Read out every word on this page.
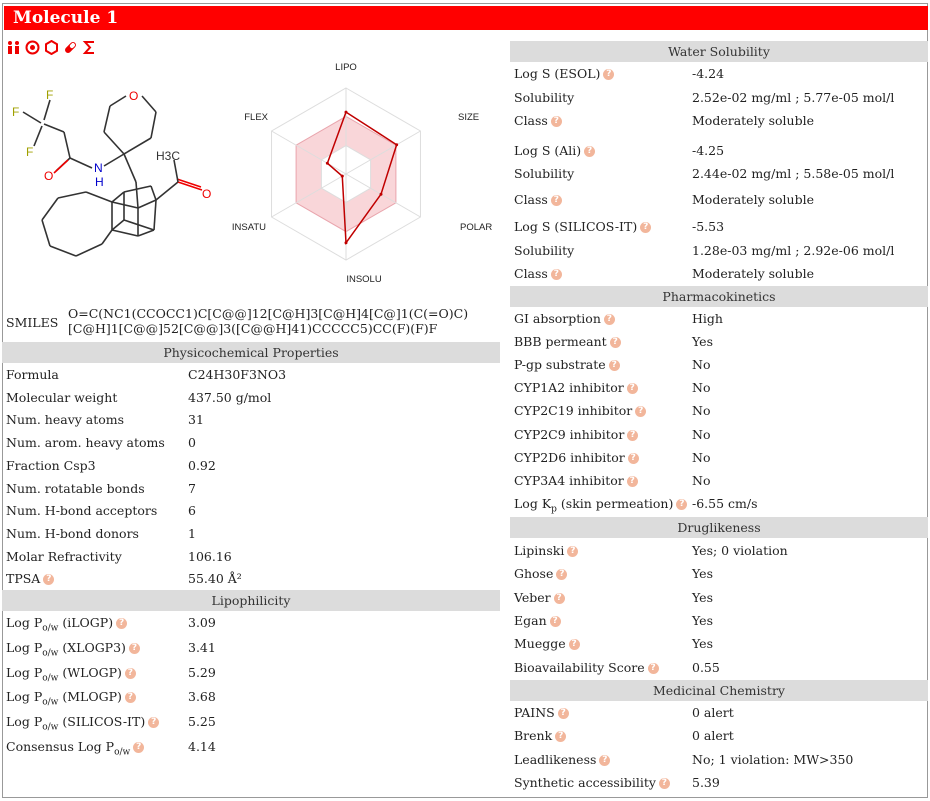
Molecule 1
F
F
F
O
N
H
O
O
H3C
LIPO
SIZE
POLAR
INSOLU
INSATU
FLEX
SMILES
O=C(NC1(CCOCC1)C[C@@]12[C@H]3[C@H]4[C@]1(C(=O)C)
[C@H]1[C@@]52[C@@]3([C@@H]41)CCCCC5)CC(F)(F)F
Physicochemical Properties
Formula	C24H30F3NO3
Molecular weight	437.50 g/mol
Num. heavy atoms	31
Num. arom. heavy atoms 0
Fraction Csp3	0.92
Num. rotatable bonds	7
Num. H-bond acceptors 6
Num. H-bond donors	1
Molar Refractivity	106.16
TPSA ?	55.40 Å²
Lipophilicity
Log $P_{o/w}$ (iLOGP) ?	3.09
Log $P_{o/w}$ (XLOGP3) ?	3.41
Log $P_{o/w}$ (WLOGP) ?	5.29
Log $P_{o/w}$ (MLOGP) ?	3.68
Log $P_{o/w}$ (SILICOS-IT) ?	5.25
Consensus Log $P_{o/w}$?	4.14
Water Solubility
Log S (ESOL) ?	-4.24
Solubility	2.52e-02 mg/ml ; 5.77e-05 mol/l
Class ?	Moderately soluble
Log S (Ali) ?	-4.25
Solubility	2.44e-02 mg/ml ; 5.58e-05 mol/l
Class ?	Moderately soluble
Log S (SILICOS-IT) ?	-5.53
Solubility	1.28e-03 mg/ml ; 2.92e-06 mol/l
Class ?	Moderately soluble
Pharmacokinetics
GI absorption ?	High
BBB permeant ?	Yes
P-gp substrate ?	No
CYP1A2 inhibitor ?	No
CYP2C19 inhibitor ?	No
CYP2C9 inhibitor ?	No
CYP2D6 inhibitor ?	No
CYP3A4 inhibitor ?	No
Log $K_p$ (skin permeation) ? -6.55 cm/s
Druglikeness
Lipinski ?	Yes; 0 violation
Ghose ?	Yes
Veber ?	Yes
Egan ?	Yes
Muegge ?	Yes
Bioavailability Score ?	0.55
Medicinal Chemistry
PAINS ?	0 alert
Brenk ?	0 alert
Leadlikeness ?	No; 1 violation: MW>350
Synthetic accessibility ? 5.39
